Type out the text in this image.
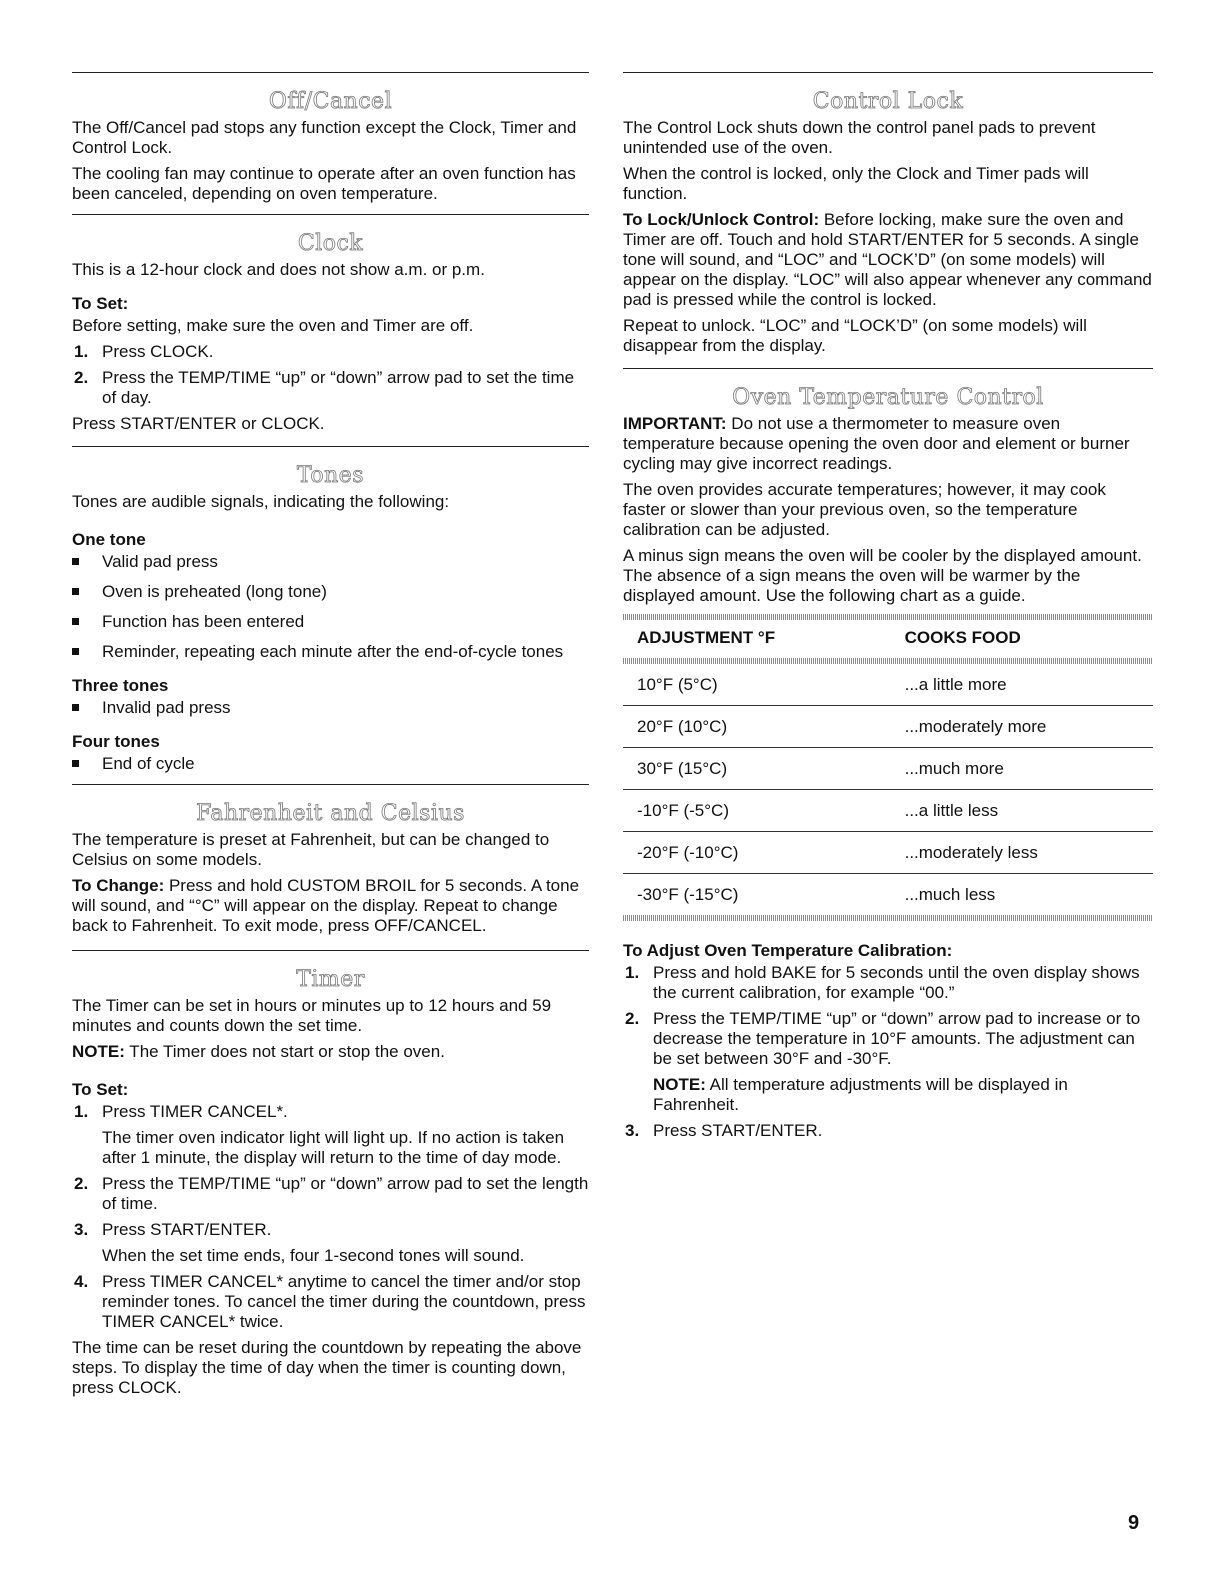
Off/Cancel

The Off/Cancel pad stops any function except the Clock, Timer and Control Lock.

The cooling fan may continue to operate after an oven function has been canceled, depending on oven temperature.

Clock

This is a 12-hour clock and does not show a.m. or p.m.

To Set:

Before setting, make sure the oven and Timer are off.

1. Press CLOCK.
2. Press the TEMP/TIME “up” or “down” arrow pad to set the time of day.

Press START/ENTER or CLOCK.

Tones

Tones are audible signals, indicating the following:

One tone
Valid pad press
Oven is preheated (long tone)
Function has been entered
Reminder, repeating each minute after the end-of-cycle tones
Three tones
Invalid pad press
Four tones
End of cycle
Fahrenheit and Celsius

The temperature is preset at Fahrenheit, but can be changed to Celsius on some models.

To Change: Press and hold CUSTOM BROIL for 5 seconds. A tone will sound, and “°C” will appear on the display. Repeat to change back to Fahrenheit. To exit mode, press OFF/CANCEL.

Timer

The Timer can be set in hours or minutes up to 12 hours and 59 minutes and counts down the set time.

NOTE: The Timer does not start or stop the oven.

To Set:
1. Press TIMER CANCEL*.
The timer oven indicator light will light up. If no action is taken after 1 minute, the display will return to the time of day mode.
2. Press the TEMP/TIME “up” or “down” arrow pad to set the length of time.
3. Press START/ENTER.
When the set time ends, four 1-second tones will sound.
4. Press TIMER CANCEL* anytime to cancel the timer and/or stop reminder tones. To cancel the timer during the countdown, press TIMER CANCEL* twice.

The time can be reset during the countdown by repeating the above steps. To display the time of day when the timer is counting down, press CLOCK.

Control Lock

The Control Lock shuts down the control panel pads to prevent unintended use of the oven.

When the control is locked, only the Clock and Timer pads will function.

To Lock/Unlock Control: Before locking, make sure the oven and Timer are off. Touch and hold START/ENTER for 5 seconds. A single tone will sound, and “LOC” and “LOCK’D” (on some models) will appear on the display. “LOC” will also appear whenever any command pad is pressed while the control is locked.

Repeat to unlock. “LOC” and “LOCK’D” (on some models) will disappear from the display.

Oven Temperature Control

IMPORTANT: Do not use a thermometer to measure oven temperature because opening the oven door and element or burner cycling may give incorrect readings.

The oven provides accurate temperatures; however, it may cook faster or slower than your previous oven, so the temperature calibration can be adjusted.

A minus sign means the oven will be cooler by the displayed amount. The absence of a sign means the oven will be warmer by the displayed amount. Use the following chart as a guide.

ADJUSTMENT °F	COOKS FOOD
10°F (5°C)	...a little more
20°F (10°C)	...moderately more
30°F (15°C)	...much more
-10°F (-5°C)	...a little less
-20°F (-10°C)	...moderately less
-30°F (-15°C)	...much less
To Adjust Oven Temperature Calibration:
1. Press and hold BAKE for 5 seconds until the oven display shows the current calibration, for example “00.”
2. Press the TEMP/TIME “up” or “down” arrow pad to increase or to decrease the temperature in 10°F amounts. The adjustment can be set between 30°F and -30°F.
NOTE: All temperature adjustments will be displayed in Fahrenheit.
3. Press START/ENTER.
9
